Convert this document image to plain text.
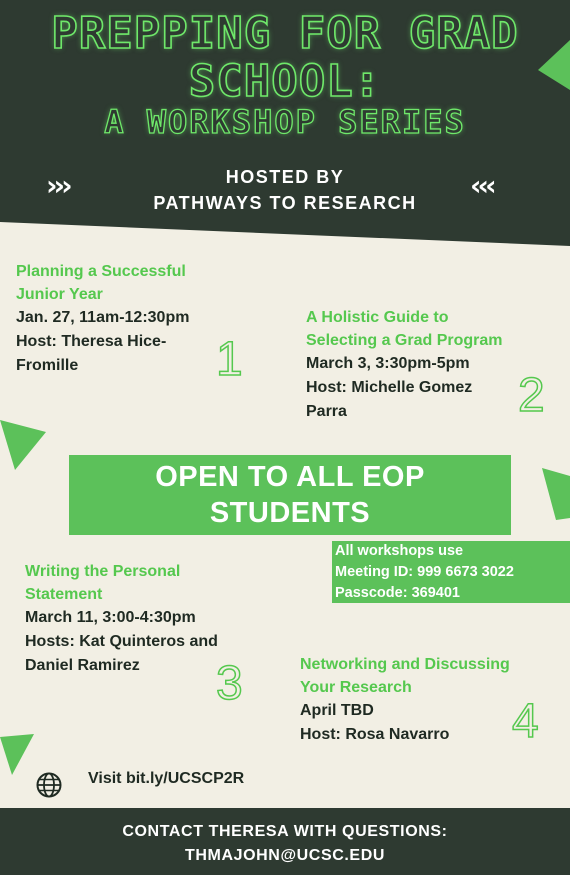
PREPPING FOR GRAD
SCHOOL:
A WORKSHOP SERIES
›››	‹‹‹
HOSTED BY
PATHWAYS TO RESEARCH

Planning a Successful

Junior Year

Jan. 27, 11am-12:30pm

Host: Theresa Hice-

Fromille	1

A Holistic Guide to

Selecting a Grad Program

March 3, 3:30pm-5pm

Host: Michelle Gomez

Parra	2
OPEN TO ALL EOP
STUDENTS

All workshops use

Meeting ID: 999 6673 3022

Passcode: 369401

Writing the Personal

Statement

March 11, 3:00-4:30pm

Hosts: Kat Quinteros and

Daniel Ramirez	3	Networking and Discussing

Your Research

April TBD

Host: Rosa Navarro	4
Visit bit.ly/UCSCP2R
CONTACT THERESA WITH QUESTIONS:
THMAJOHN@UCSC.EDU
